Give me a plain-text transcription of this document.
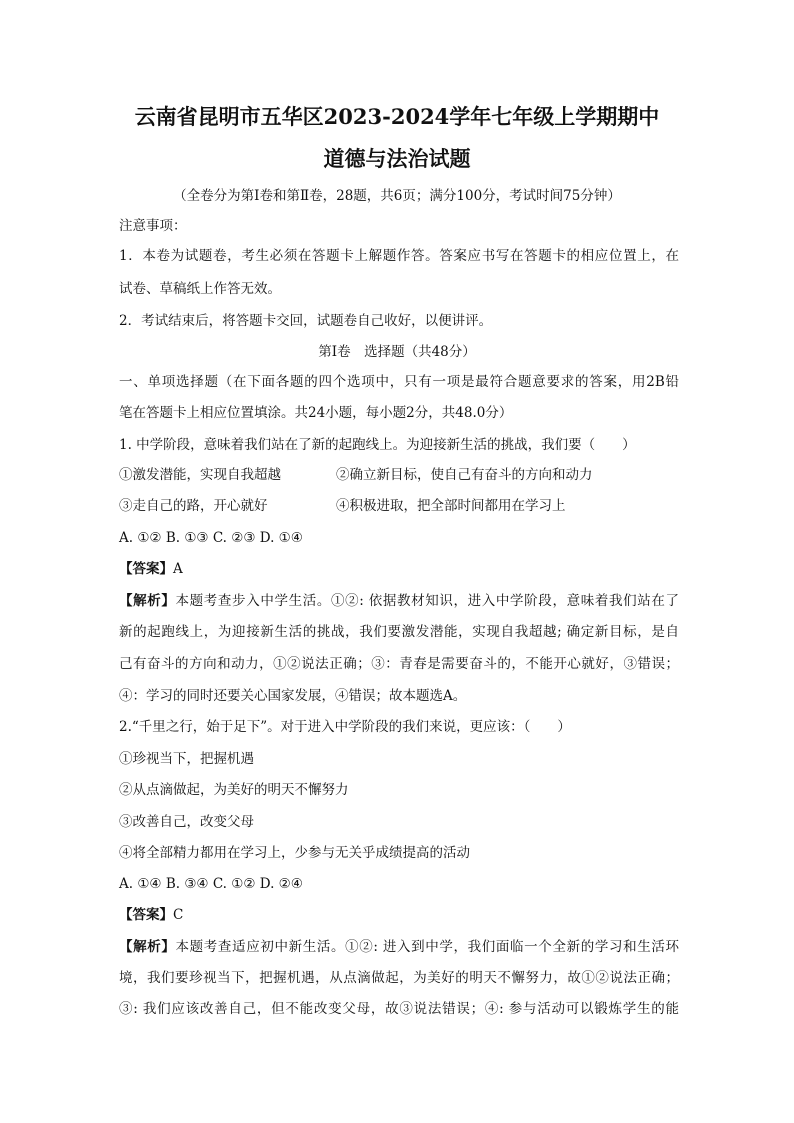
云南省昆明市五华区2023-2024学年七年级上学期期中
道德与法治试题
（全卷分为第Ⅰ卷和第Ⅱ卷，28题，共6页；满分100分，考试时间75分钟）
注意事项：
1．本卷为试题卷，考生必须在答题卡上解题作答。答案应书写在答题卡的相应位置上，在
试卷、草稿纸上作答无效。
2．考试结束后，将答题卡交回，试题卷自己收好，以便讲评。
第Ⅰ卷　选择题（共48分）
一、单项选择题（在下面各题的四个选项中，只有一项是最符合题意要求的答案，用2B铅
笔在答题卡上相应位置填涂。共24小题，每小题2分，共48.0分）
1. 中学阶段，意味着我们站在了新的起跑线上。为迎接新生活的挑战，我们要（　　）
①激发潜能，实现自我超越	②确立新目标，使自己有奋斗的方向和动力
③走自己的路，开心就好	④积极进取，把全部时间都用在学习上
A. ①② B. ①③ C. ②③ D. ①④
【答案】A
【解析】本题考查步入中学生活。①②: 依据教材知识，进入中学阶段，意味着我们站在了
新的起跑线上，为迎接新生活的挑战，我们要激发潜能，实现自我超越; 确定新目标，是自
己有奋斗的方向和动力，①②说法正确；③：青春是需要奋斗的，不能开心就好，③错误；
④：学习的同时还要关心国家发展，④错误；故本题选A。
2.“千里之行，始于足下”。对于进入中学阶段的我们来说，更应该：（　　）
①珍视当下，把握机遇
②从点滴做起，为美好的明天不懈努力
③改善自己，改变父母
④将全部精力都用在学习上，少参与无关乎成绩提高的活动
A. ①④ B. ③④ C. ①② D. ②④
【答案】C
【解析】本题考查适应初中新生活。①②: 进入到中学，我们面临一个全新的学习和生活环
境，我们要珍视当下，把握机遇，从点滴做起，为美好的明天不懈努力，故①②说法正确；
③: 我们应该改善自己，但不能改变父母，故③说法错误；④: 参与活动可以锻炼学生的能
